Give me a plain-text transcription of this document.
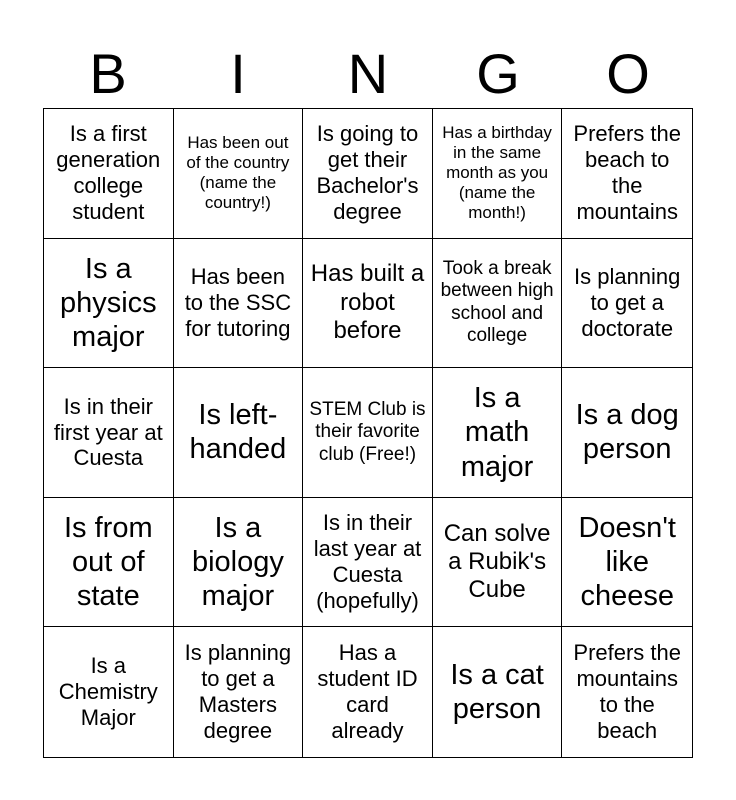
B	I	N	G	O
Is a first generation college student
Has been out of the country (name the country!)
Is going to get their Bachelor's degree
Has a birthday in the same month as you (name the month!)
Prefers the beach to the mountains
Is a physics major
Has been to the SSC for tutoring
Has built a robot before
Took a break between high school and college
Is planning to get a doctorate
Is in their first year at Cuesta
Is left-handed
STEM Club is their favorite club (Free!)
Is a math major
Is a dog person
Is from out of state
Is a biology major
Is in their last year at Cuesta (hopefully)
Can solve a Rubik's Cube
Doesn't like cheese
Is a Chemistry Major
Is planning to get a Masters degree
Has a student ID card already
Is a cat person
Prefers the mountains to the beach
